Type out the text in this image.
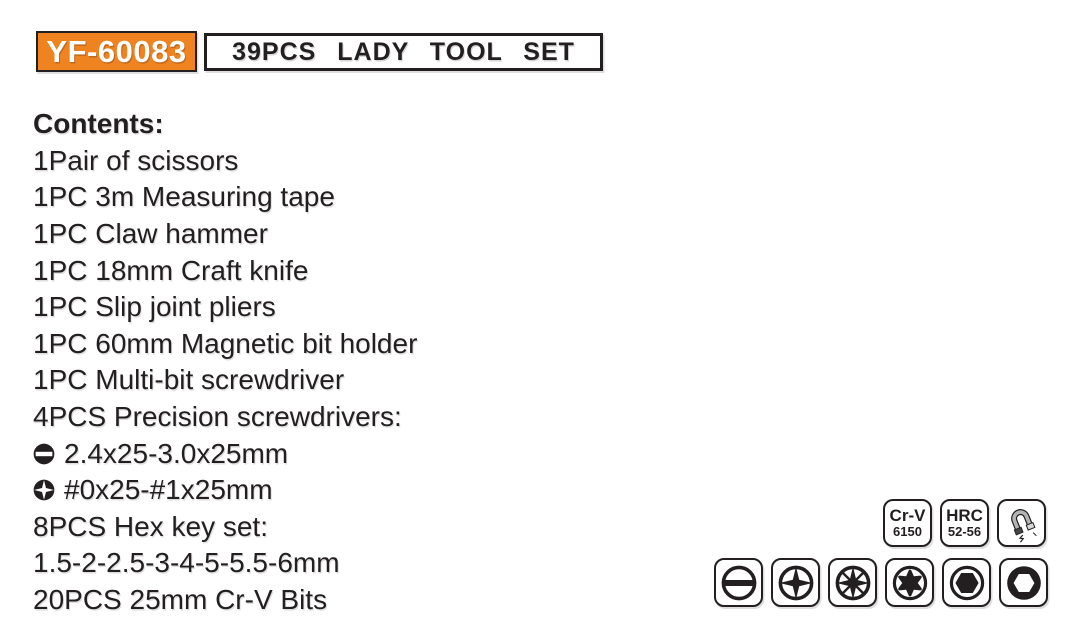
YF-60083 39PCS LADY TOOL SET
Contents:
1Pair of scissors
1PC 3m Measuring tape
1PC Claw hammer
1PC 18mm Craft knife
1PC Slip joint pliers
1PC 60mm Magnetic bit holder
1PC Multi-bit screwdriver
4PCS Precision screwdrivers:
2.4x25-3.0x25mm
#0x25-#1x25mm
8PCS Hex key set:
1.5-2-2.5-3-4-5-5.5-6mm
20PCS 25mm Cr-V Bits
Cr-V
6150
HRC
52-56
